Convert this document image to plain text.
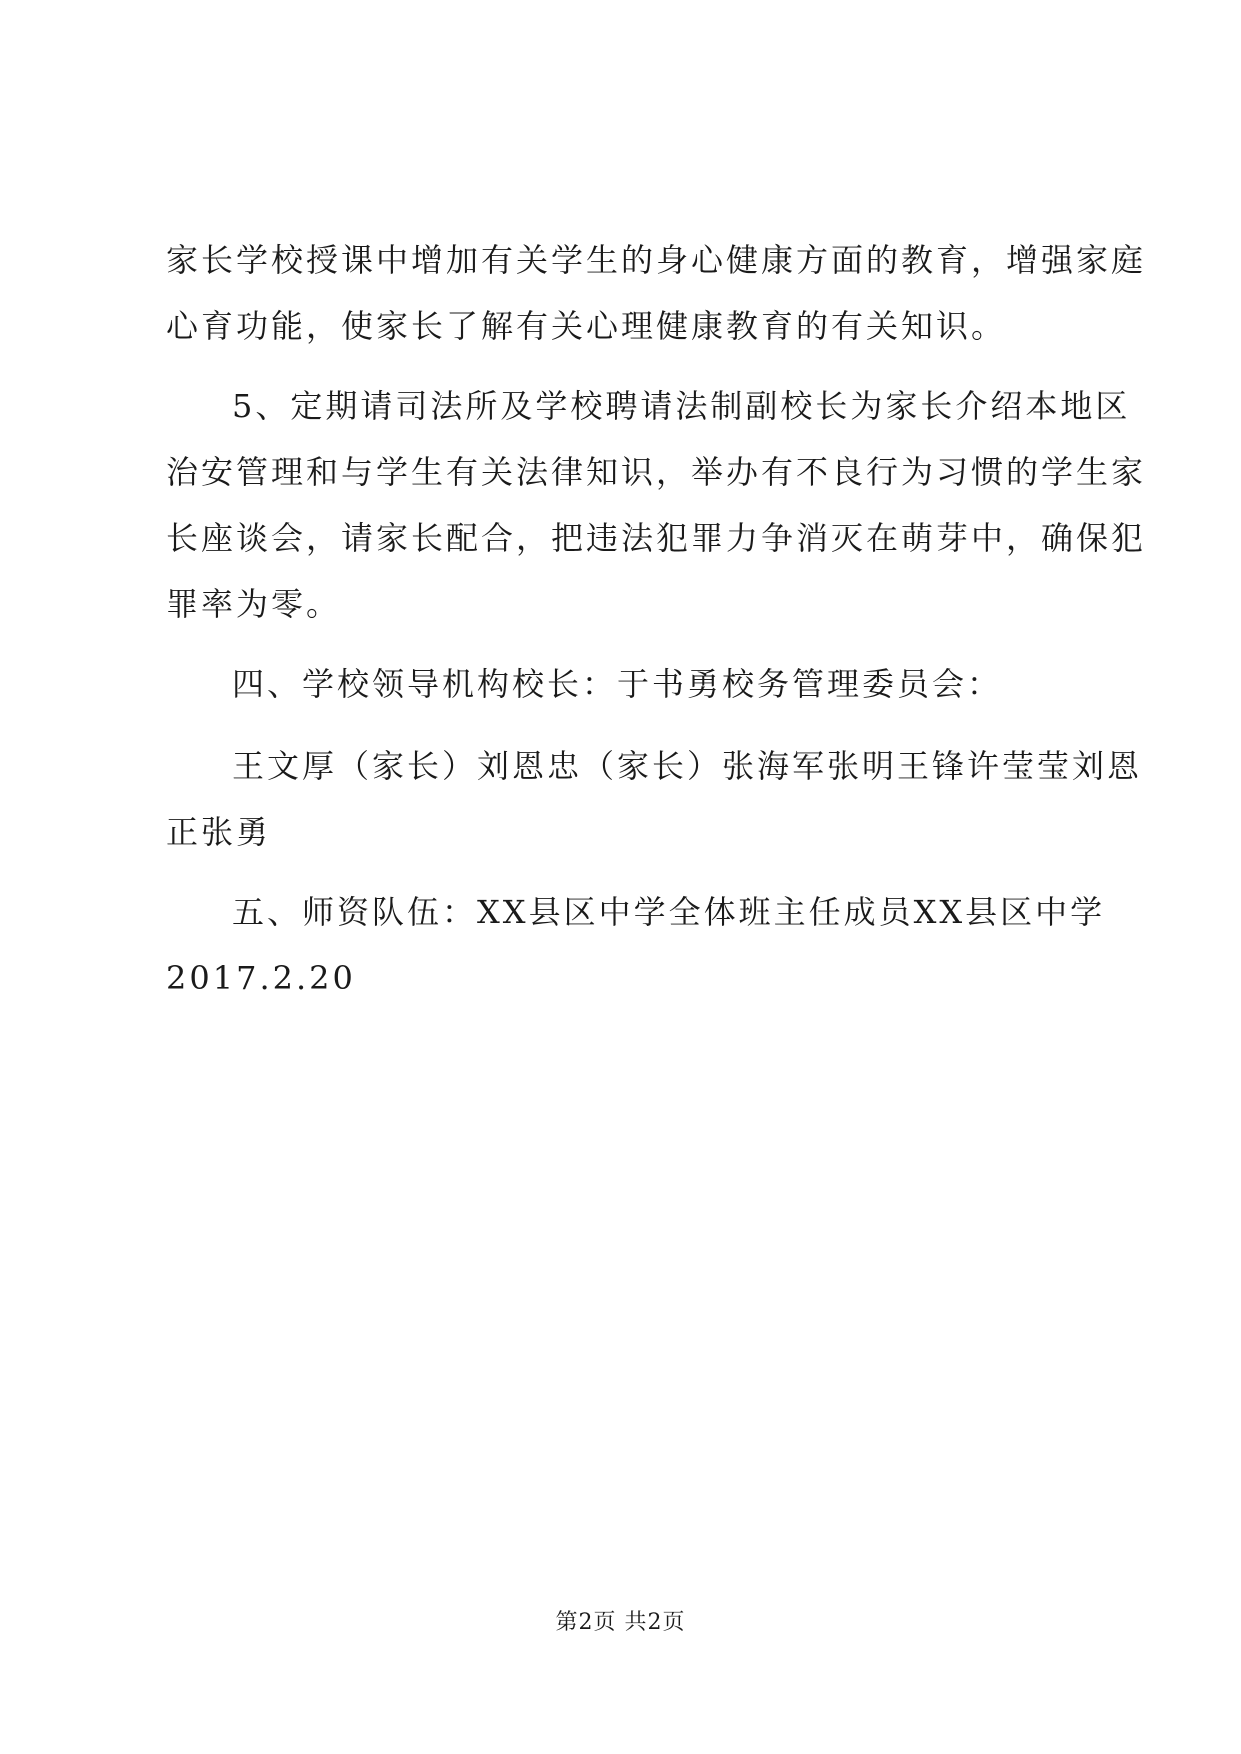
家长学校授课中增加有关学生的身心健康方面的教育，增强家庭
心育功能，使家长了解有关心理健康教育的有关知识。
5、定期请司法所及学校聘请法制副校长为家长介绍本地区
治安管理和与学生有关法律知识，举办有不良行为习惯的学生家
长座谈会，请家长配合，把违法犯罪力争消灭在萌芽中，确保犯
罪率为零。
四、学校领导机构校长：于书勇校务管理委员会：
王文厚（家长）刘恩忠（家长）张海军张明王锋许莹莹刘恩
正张勇
五、师资队伍：XX县区中学全体班主任成员XX县区中学
2017.2.20
第2页 共2页
